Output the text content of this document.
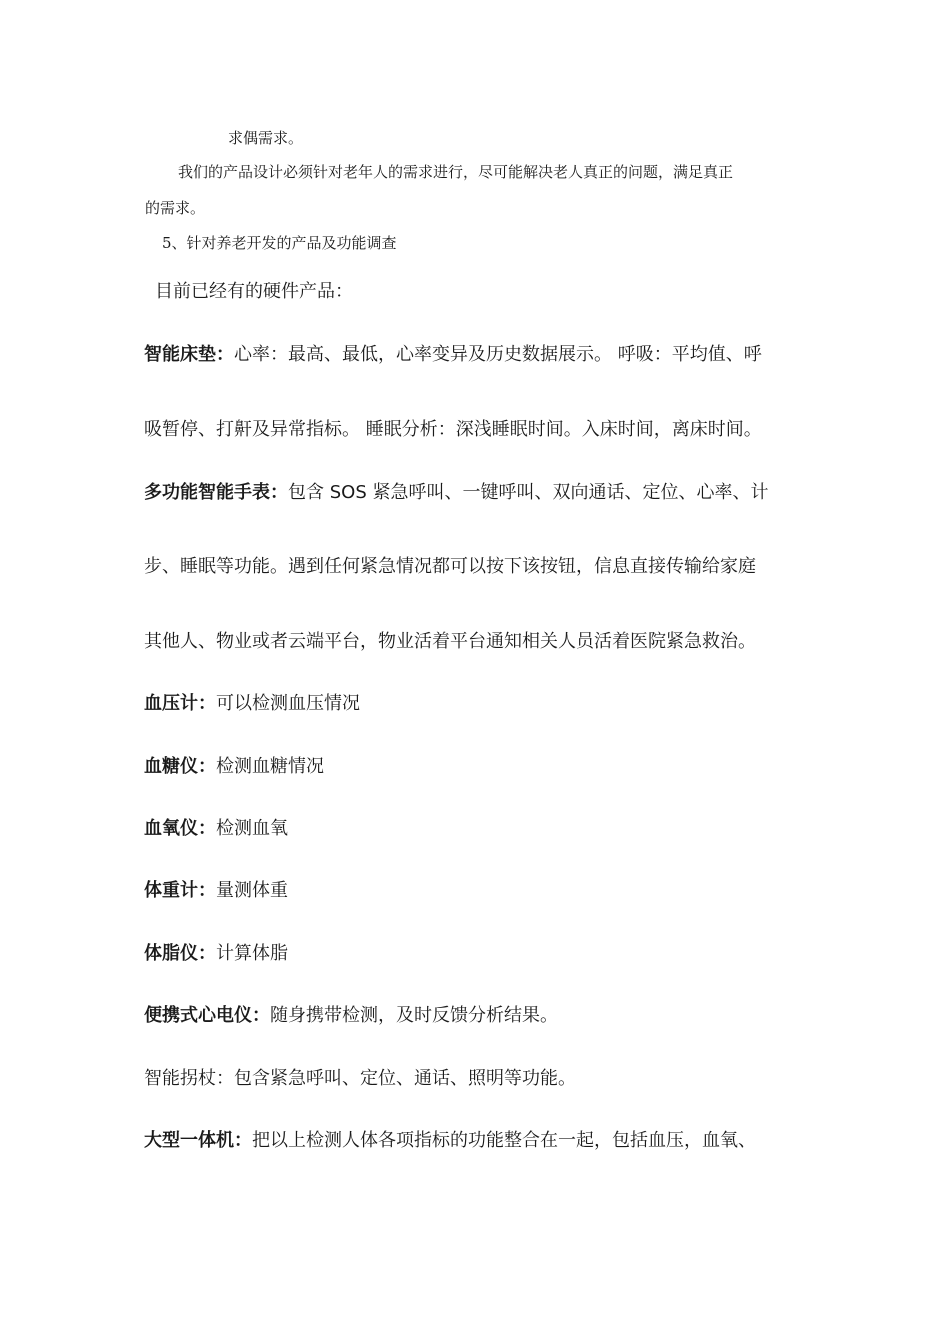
求偶需求。
我们的产品设计必须针对老年人的需求进行，尽可能解决老人真正的问题，满足真正
的需求。
5、针对养老开发的产品及功能调查
目前已经有的硬件产品：
智能床垫：心率：最高、最低，心率变异及历史数据展示。 呼吸：平均值、呼
吸暂停、打鼾及异常指标。 睡眠分析：深浅睡眠时间。入床时间，离床时间。
多功能智能手表：包含 SOS 紧急呼叫、一键呼叫、双向通话、定位、心率、计
步、睡眠等功能。遇到任何紧急情况都可以按下该按钮，信息直接传输给家庭
其他人、物业或者云端平台，物业活着平台通知相关人员活着医院紧急救治。
血压计：可以检测血压情况
血糖仪：检测血糖情况
血氧仪：检测血氧
体重计：量测体重
体脂仪：计算体脂
便携式心电仪：随身携带检测，及时反馈分析结果。
智能拐杖：包含紧急呼叫、定位、通话、照明等功能。
大型一体机：把以上检测人体各项指标的功能整合在一起，包括血压，血氧、
